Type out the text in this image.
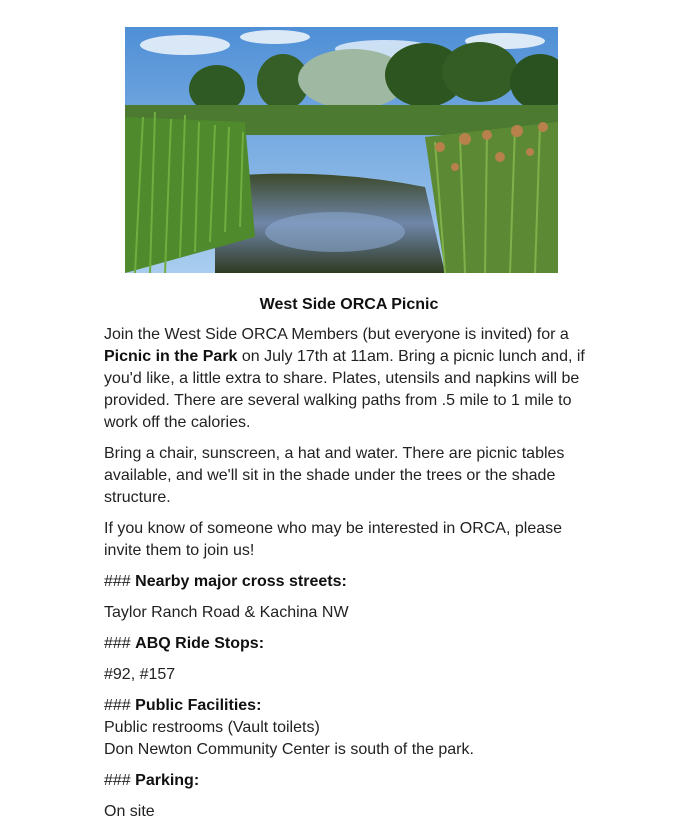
West Side ORCA Picnic

Join the West Side ORCA Members (but everyone is invited) for a Picnic in the Park on July 17th at 11am. Bring a picnic lunch and, if you'd like, a little extra to share. Plates, utensils and napkins will be provided. There are several walking paths from .5 mile to 1 mile to work off the calories.

Bring a chair, sunscreen, a hat and water. There are picnic tables available, and we'll sit in the shade under the trees or the shade structure.

If you know of someone who may be interested in ORCA, please invite them to join us!

### Nearby major cross streets:

Taylor Ranch Road & Kachina NW

### ABQ Ride Stops:

#92, #157

### Public Facilities:

Public restrooms (Vault toilets)
Don Newton Community Center is south of the park.

### Parking:

On site
